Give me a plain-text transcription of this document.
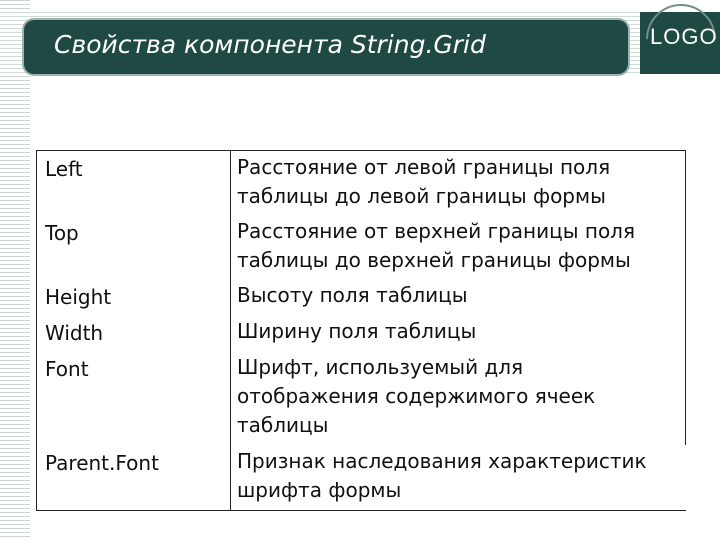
Свойства компонента String.Grid	LOGO
Left	Расстояние от левой границы поля
таблицы до левой границы формы

Top	Расстояние от верхней границы поля
таблицы до верхней границы формы

Height	Высоту поля таблицы

Width	Ширину поля таблицы

Font	Шрифт, используемый для
отображения содержимого ячеек
таблицы

Parent.Font	Признак наследования характеристик
шрифта формы
